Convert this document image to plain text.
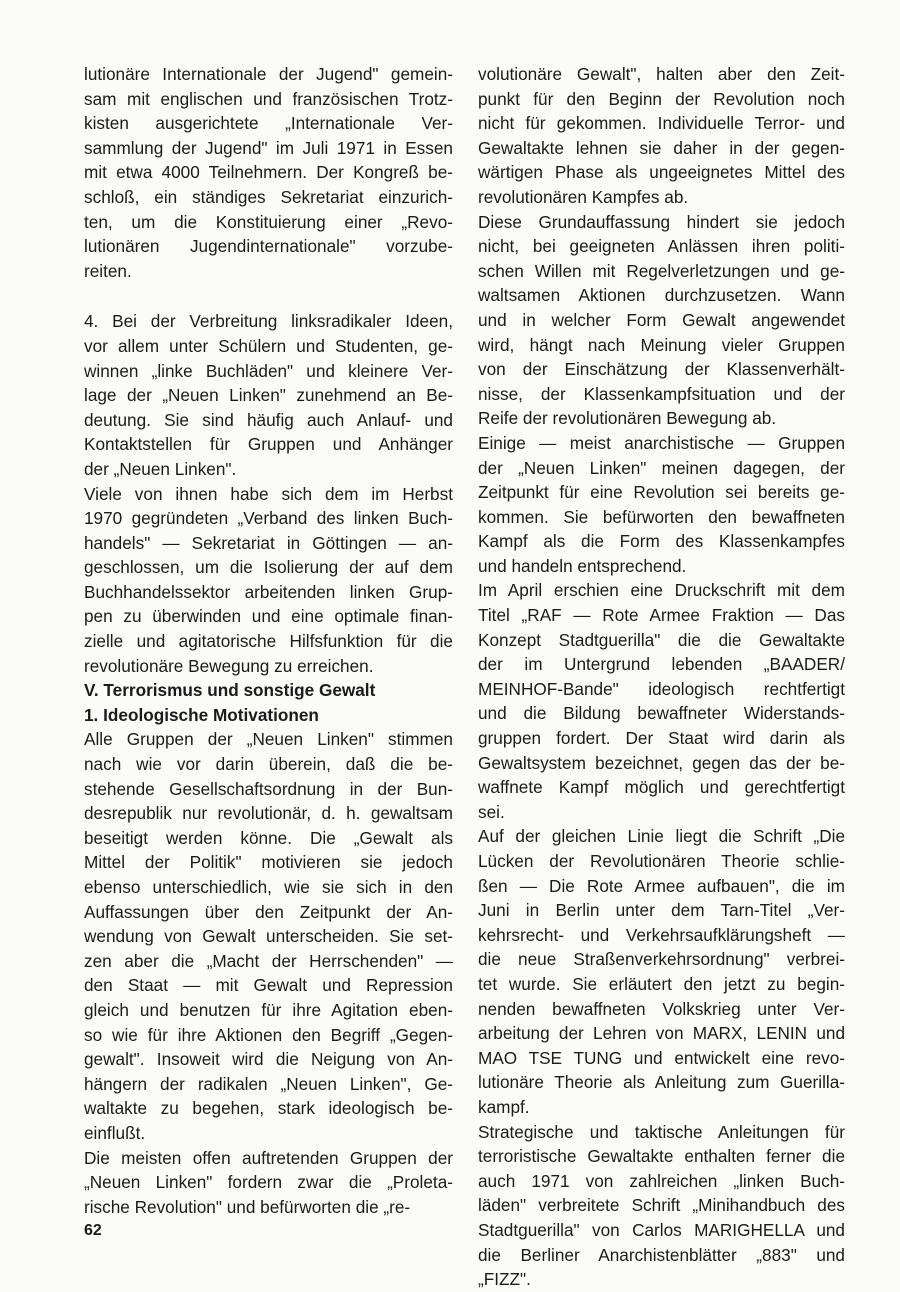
lutionäre Internationale der Jugend" gemein-

sam mit englischen und französischen Trotz-

kisten ausgerichtete „Internationale Ver-

sammlung der Jugend" im Juli 1971 in Essen

mit etwa 4000 Teilnehmern. Der Kongreß be-

schloß, ein ständiges Sekretariat einzurich-

ten, um die Konstituierung einer „Revo-

lutionären Jugendinternationale" vorzube-

reiten.

4. Bei der Verbreitung linksradikaler Ideen,

vor allem unter Schülern und Studenten, ge-

winnen „linke Buchläden" und kleinere Ver-

lage der „Neuen Linken" zunehmend an Be-

deutung. Sie sind häufig auch Anlauf- und

Kontaktstellen für Gruppen und Anhänger

der „Neuen Linken".

Viele von ihnen habe sich dem im Herbst

1970 gegründeten „Verband des linken Buch-

handels" — Sekretariat in Göttingen — an-

geschlossen, um die Isolierung der auf dem

Buchhandelssektor arbeitenden linken Grup-

pen zu überwinden und eine optimale finan-

zielle und agitatorische Hilfsfunktion für die

revolutionäre Bewegung zu erreichen.

V. Terrorismus und sonstige Gewalt

1. Ideologische Motivationen

Alle Gruppen der „Neuen Linken" stimmen

nach wie vor darin überein, daß die be-

stehende Gesellschaftsordnung in der Bun-

desrepublik nur revolutionär, d. h. gewaltsam

beseitigt werden könne. Die „Gewalt als

Mittel der Politik" motivieren sie jedoch

ebenso unterschiedlich, wie sie sich in den

Auffassungen über den Zeitpunkt der An-

wendung von Gewalt unterscheiden. Sie set-

zen aber die „Macht der Herrschenden" —

den Staat — mit Gewalt und Repression

gleich und benutzen für ihre Agitation eben-

so wie für ihre Aktionen den Begriff „Gegen-

gewalt". Insoweit wird die Neigung von An-

hängern der radikalen „Neuen Linken", Ge-

waltakte zu begehen, stark ideologisch be-

einflußt.

Die meisten offen auftretenden Gruppen der

„Neuen Linken" fordern zwar die „Proleta-

rische Revolution" und befürworten die „re-

volutionäre Gewalt", halten aber den Zeit-

punkt für den Beginn der Revolution noch

nicht für gekommen. Individuelle Terror- und

Gewaltakte lehnen sie daher in der gegen-

wärtigen Phase als ungeeignetes Mittel des

revolutionären Kampfes ab.

Diese Grundauffassung hindert sie jedoch

nicht, bei geeigneten Anlässen ihren politi-

schen Willen mit Regelverletzungen und ge-

waltsamen Aktionen durchzusetzen. Wann

und in welcher Form Gewalt angewendet

wird, hängt nach Meinung vieler Gruppen

von der Einschätzung der Klassenverhält-

nisse, der Klassenkampfsituation und der

Reife der revolutionären Bewegung ab.

Einige — meist anarchistische — Gruppen

der „Neuen Linken" meinen dagegen, der

Zeitpunkt für eine Revolution sei bereits ge-

kommen. Sie befürworten den bewaffneten

Kampf als die Form des Klassenkampfes

und handeln entsprechend.

Im April erschien eine Druckschrift mit dem

Titel „RAF — Rote Armee Fraktion — Das

Konzept Stadtguerilla" die die Gewaltakte

der im Untergrund lebenden „BAADER/

MEINHOF-Bande" ideologisch rechtfertigt

und die Bildung bewaffneter Widerstands-

gruppen fordert. Der Staat wird darin als

Gewaltsystem bezeichnet, gegen das der be-

waffnete Kampf möglich und gerechtfertigt

sei.

Auf der gleichen Linie liegt die Schrift „Die

Lücken der Revolutionären Theorie schlie-

ßen — Die Rote Armee aufbauen", die im

Juni in Berlin unter dem Tarn-Titel „Ver-

kehrsrecht- und Verkehrsaufklärungsheft —

die neue Straßenverkehrsordnung" verbrei-

tet wurde. Sie erläutert den jetzt zu begin-

nenden bewaffneten Volkskrieg unter Ver-

arbeitung der Lehren von MARX, LENIN und

MAO TSE TUNG und entwickelt eine revo-

lutionäre Theorie als Anleitung zum Guerilla-

kampf.

Strategische und taktische Anleitungen für

terroristische Gewaltakte enthalten ferner die

auch 1971 von zahlreichen „linken Buch-

läden" verbreitete Schrift „Minihandbuch des

Stadtguerilla" von Carlos MARIGHELLA und

die Berliner Anarchistenblätter „883" und

„FIZZ".

62
